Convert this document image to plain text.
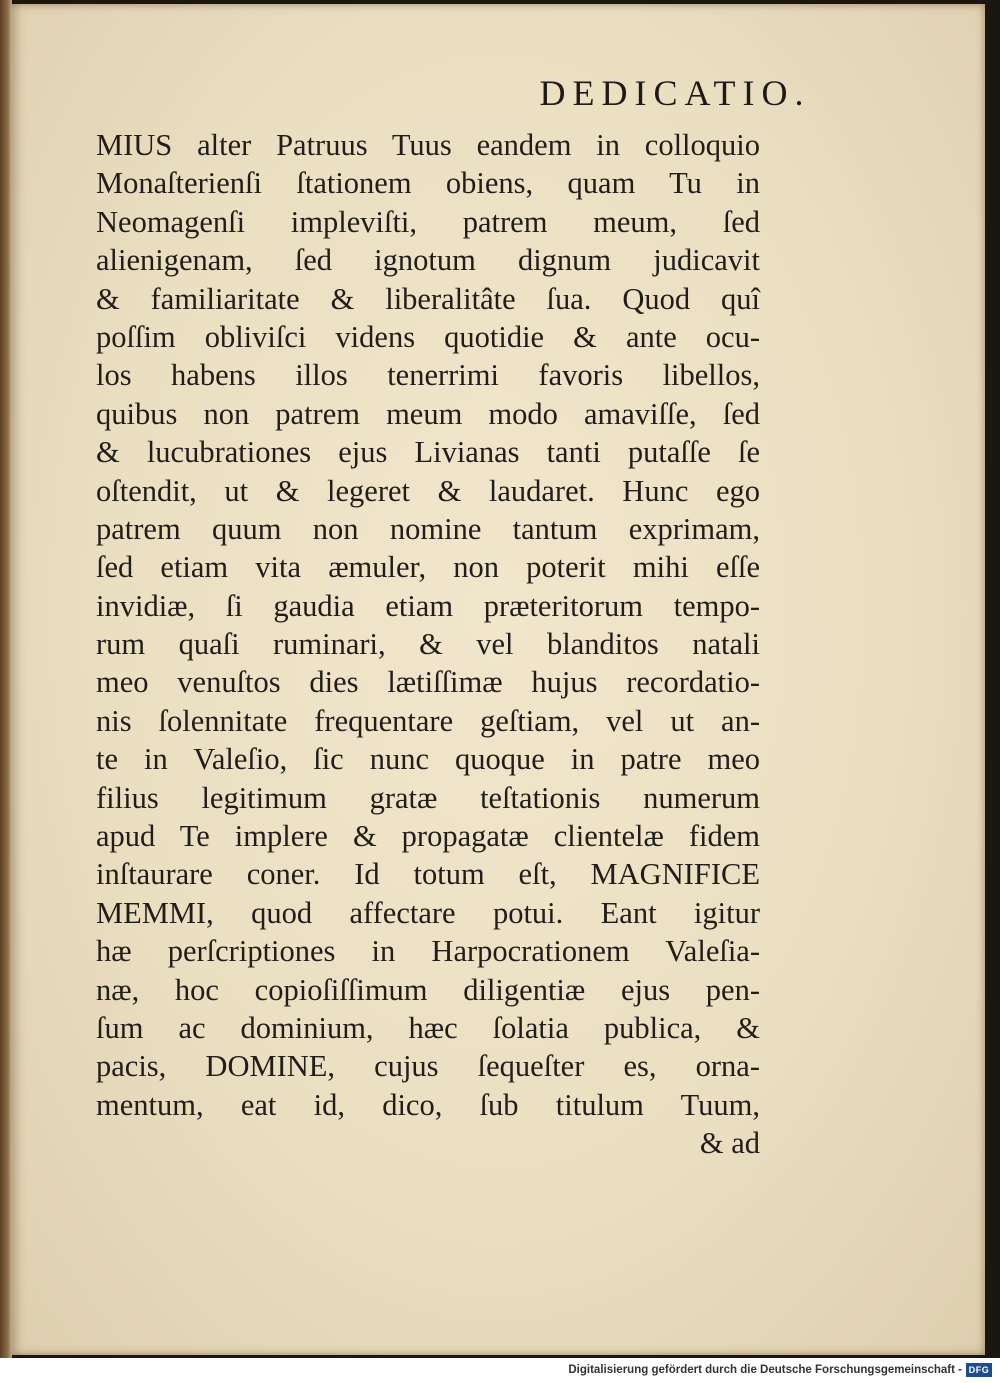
DEDICATIO.
MIUS alter Patruus Tuus eandem in colloquio
Monaſterienſi ſtationem obiens, quam Tu in
Neomagenſi impleviſti, patrem meum, ſed
alienigenam, ſed ignotum dignum judicavit
& familiaritate & liberalitâte ſua. Quod quî
poſſim obliviſci videns quotidie & ante ocu-
los habens illos tenerrimi favoris libellos,
quibus non patrem meum modo amaviſſe, ſed
& lucubrationes ejus Livianas tanti putaſſe ſe
oſtendit, ut & legeret & laudaret. Hunc ego
patrem quum non nomine tantum exprimam,
ſed etiam vita æmuler, non poterit mihi eſſe
invidiæ, ſi gaudia etiam præteritorum tempo-
rum quaſi ruminari, & vel blanditos natali
meo venuſtos dies lætiſſimæ hujus recordatio-
nis ſolennitate frequentare geſtiam, vel ut an-
te in Valeſio, ſic nunc quoque in patre meo
filius legitimum gratæ teſtationis numerum
apud Te implere & propagatæ clientelæ fidem
inſtaurare coner. Id totum eſt, MAGNIFICE
MEMMI, quod affectare potui. Eant igitur
hæ perſcriptiones in Harpocrationem Valeſia-
næ, hoc copioſiſſimum diligentiæ ejus pen-
ſum ac dominium, hæc ſolatia publica, &
pacis, DOMINE, cujus ſequeſter es, orna-
mentum, eat id, dico, ſub titulum Tuum,
& ad
Digitalisierung gefördert durch die Deutsche Forschungsgemeinschaft - DFG
